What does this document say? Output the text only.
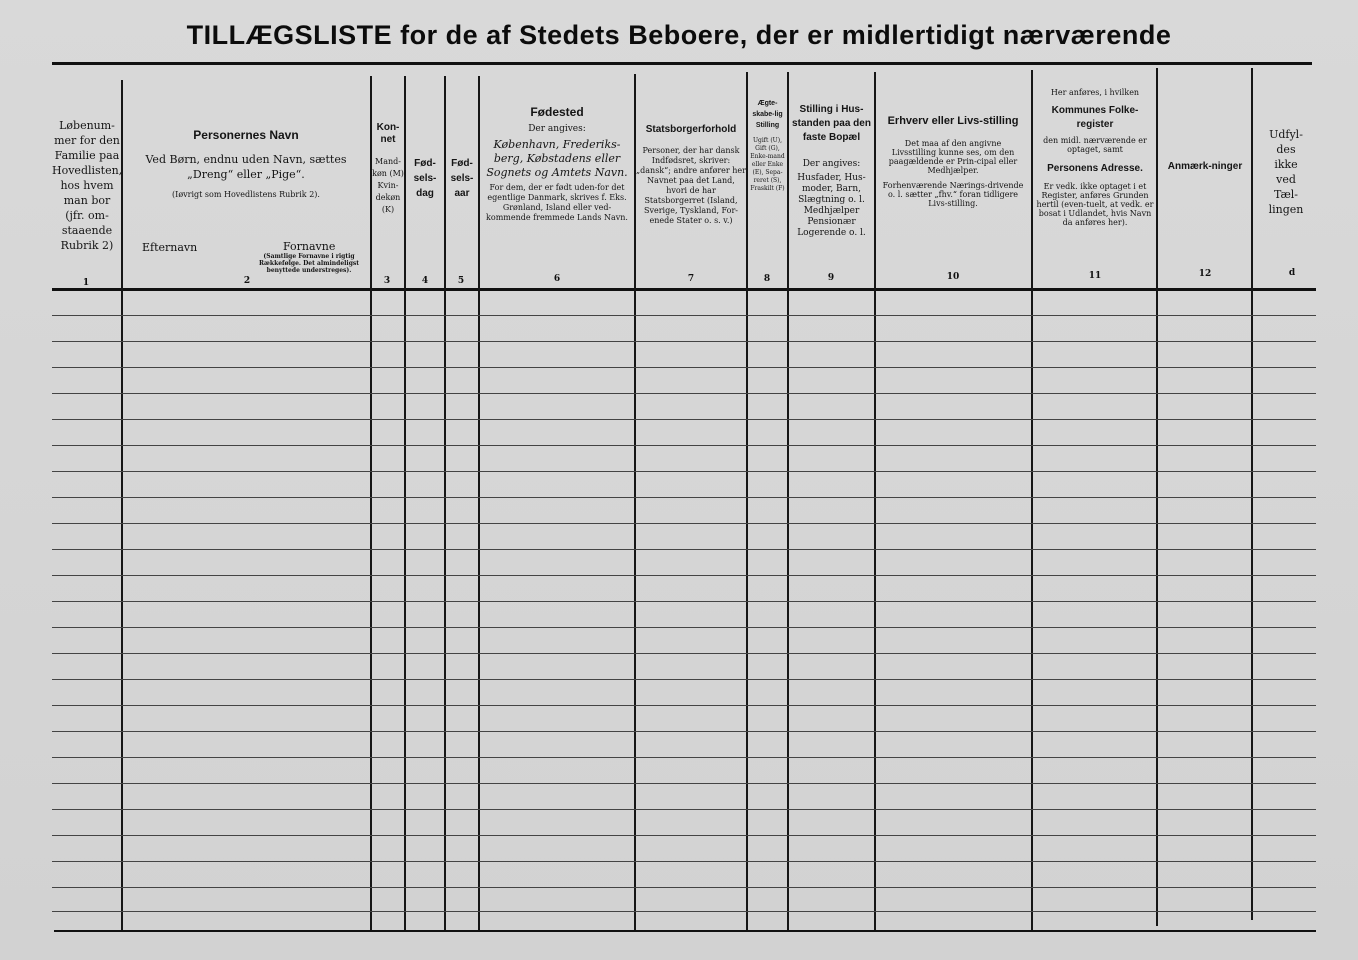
TILLÆGSLISTE for de af Stedets Beboere, der er midlertidigt nærværende
Løbenum-
mer for den
Familie paa
Hovedlisten,
hos hvem
man bor
(jfr. om-
staaende
Rubrik 2)
Personernes Navn
Ved Børn, endnu uden Navn, sættes „Dreng“ eller „Pige“.
(Iøvrigt som Hovedlistens Rubrik 2).
Efternavn	Fornavne
(Samtlige Fornavne i rigtig Rækkefølge. Det almindeligst benyttede understreges).
Kon-net
Mand-køn (M) Kvin-dekøn (K)
Fød-sels-dag
Fød-sels-aar
Fødested
Der angives:
København, Frederiks-berg, Købstadens eller Sognets og Amtets Navn.
For dem, der er født uden-for det egentlige Danmark, skrives f. Eks. Grønland, Island eller ved-kommende fremmede Lands Navn.
Statsborgerforhold
Personer, der har dansk Indfødsret, skriver: „dansk“; andre anfører her Navnet paa det Land, hvori de har Statsborgerret (Island, Sverige, Tyskland, For-enede Stater o. s. v.)
Ægte-skabe-lig Stilling
Ugift (U), Gift (G), Enke-mand eller Enke (E), Sepa-reret (S), Fraskilt (F)
Stilling i Hus-standen paa den faste Bopæl
Der angives:
Husfader, Hus-moder, Barn, Slægtning o. l. Medhjælper Pensionær Logerende o. l.
Erhverv eller Livs-stilling
Det maa af den angivne Livsstilling kunne ses, om den paagældende er Prin-cipal eller Medhjælper.
Forhenværende Nærings-drivende o. l. sætter „fhv.“ foran tidligere Livs-stilling.
Her anføres, i hvilken
Kommunes Folke-register
den midl. nærværende er optaget, samt
Personens Adresse.
Er vedk. ikke optaget i et Register, anføres Grunden hertil (even-tuelt, at vedk. er bosat i Udlandet, hvis Navn da anføres her).
Anmærk-ninger
Udfyl-
des
ikke
ved
Tæl-
lingen
1	2	3	4	5	6	7	8	9	10	11	12	d
